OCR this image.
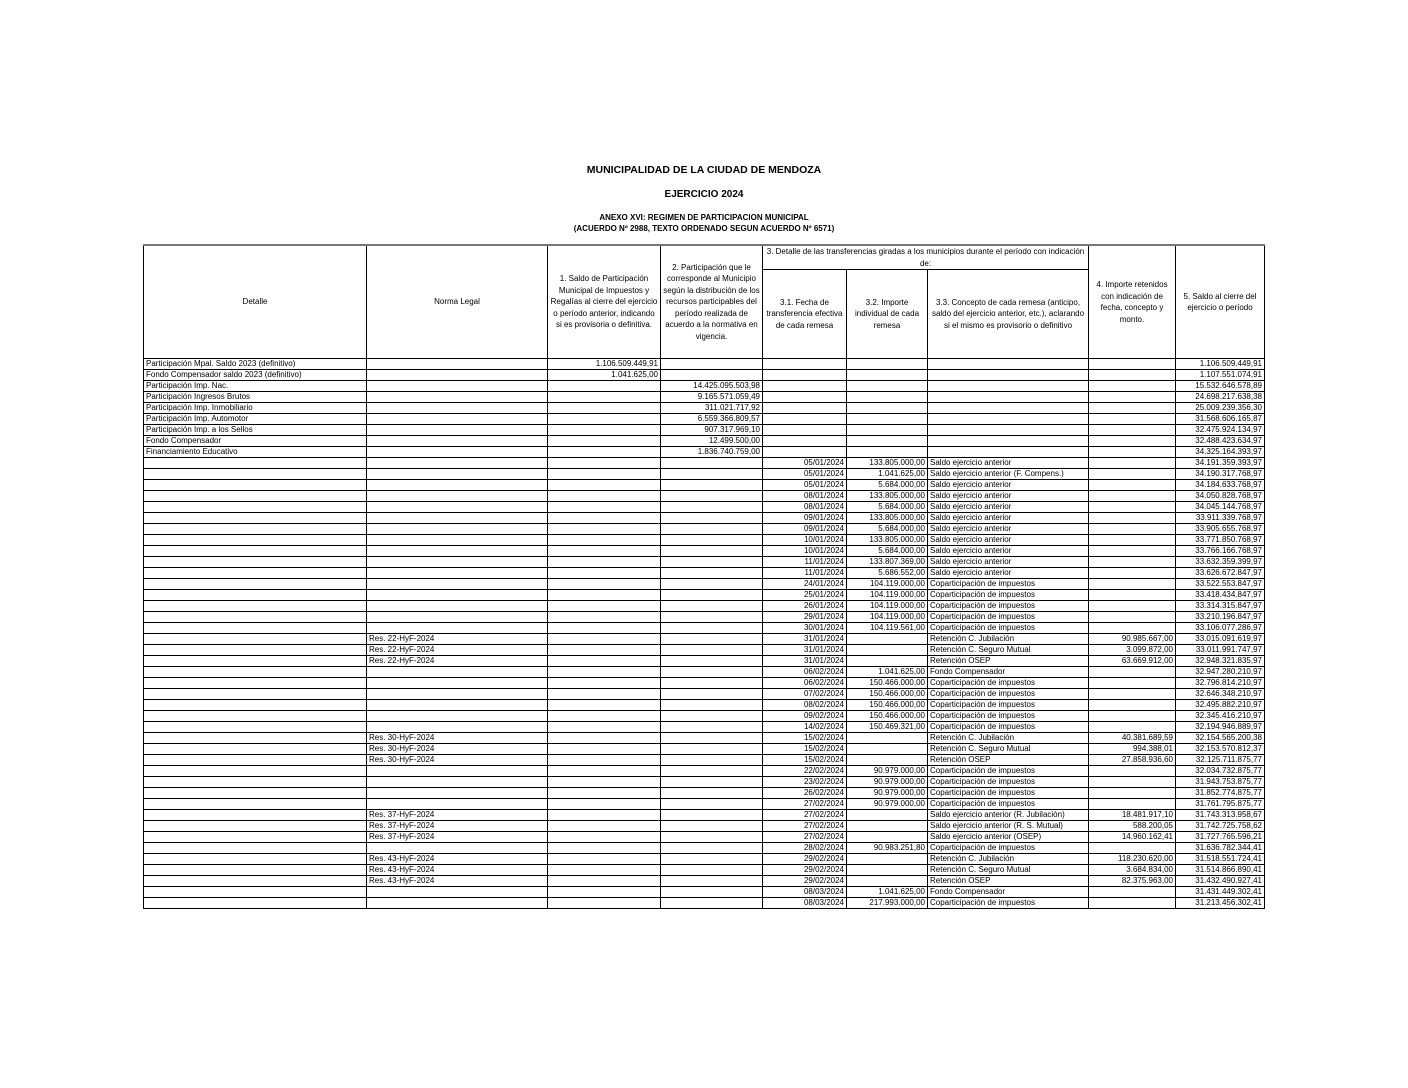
MUNICIPALIDAD DE LA CIUDAD DE MENDOZA
EJERCICIO 2024
ANEXO XVI: REGIMEN DE PARTICIPACION MUNICIPAL
(ACUERDO Nº 2988, TEXTO ORDENADO SEGUN ACUERDO Nº 6571)
Detalle	Norma Legal	1. Saldo de Participación Municipal de Impuestos y Regalías al cierre del ejercicio o período anterior, indicando si es provisoria o definitiva.	2. Participación que le corresponde al Municipio según la distribución de los recursos participables del período realizada de acuerdo a la normativa en vigencia.	3. Detalle de las transferencias giradas a los municipios durante el período con indicación de:			4. Importe retenidos con indicación de fecha, concepto y monto.	5. Saldo al cierre del ejercicio o período
				3.1. Fecha de transferencia efectiva de cada remesa	3.2. Importe individual de cada remesa	3.3. Concepto de cada remesa (anticipo, saldo del ejercicio anterior, etc.), aclarando si el mismo es provisorio o definitivo		
Participación Mpal. Saldo 2023 (definitivo)		1.106.509.449,91						1.106.509.449,91
Fondo Compensador saldo 2023 (definitivo)		1.041.625,00						1.107.551.074,91
Participación Imp. Nac.			14.425.095.503,98					15.532.646.578,89
Participación Ingresos Brutos			9.165.571.059,49					24.698.217.638,38
Participación Imp. Inmobiliario			311.021.717,92					25.009.239.356,30
Participación Imp. Automotor			6.559.366.809,57					31.568.606.165,87
Participación Imp. a los Sellos			907.317.969,10					32.475.924.134,97
Fondo Compensador			12.499.500,00					32.488.423.634,97
Financiamiento Educativo			1.836.740.759,00					34.325.164.393,97
				05/01/2024	133.805.000,00	Saldo ejercicio anterior		34.191.359.393,97
				05/01/2024	1.041.625,00	Saldo ejercicio anterior (F. Compens.)		34.190.317.768,97
				05/01/2024	5.684.000,00	Saldo ejercicio anterior		34.184.633.768,97
				08/01/2024	133.805.000,00	Saldo ejercicio anterior		34.050.828.768,97
				08/01/2024	5.684.000,00	Saldo ejercicio anterior		34.045.144.768,97
				09/01/2024	133.805.000,00	Saldo ejercicio anterior		33.911.339.768,97
				09/01/2024	5.684.000,00	Saldo ejercicio anterior		33.905.655.768,97
				10/01/2024	133.805.000,00	Saldo ejercicio anterior		33.771.850.768,97
				10/01/2024	5.684.000,00	Saldo ejercicio anterior		33.766.166.768,97
				11/01/2024	133.807.369,00	Saldo ejercicio anterior		33.632.359.399,97
				11/01/2024	5.686.552,00	Saldo ejercicio anterior		33.626.672.847,97
				24/01/2024	104.119.000,00	Coparticipación de impuestos		33.522.553.847,97
				25/01/2024	104.119.000,00	Coparticipación de impuestos		33.418.434.847,97
				26/01/2024	104.119.000,00	Coparticipación de impuestos		33.314.315.847,97
				29/01/2024	104.119.000,00	Coparticipación de impuestos		33.210.196.847,97
				30/01/2024	104.119.561,00	Coparticipación de impuestos		33.106.077.286,97
	Res. 22-HyF-2024			31/01/2024		Retención C. Jubilación	90.985.667,00	33.015.091.619,97
	Res. 22-HyF-2024			31/01/2024		Retención C. Seguro Mutual	3.099.872,00	33.011.991.747,97
	Res. 22-HyF-2024			31/01/2024		Retención OSEP	63.669.912,00	32.948.321.835,97
				06/02/2024	1.041.625,00	Fondo Compensador		32.947.280.210,97
				06/02/2024	150.466.000,00	Coparticipación de impuestos		32.796.814.210,97
				07/02/2024	150.466.000,00	Coparticipación de impuestos		32.646.348.210,97
				08/02/2024	150.466.000,00	Coparticipación de impuestos		32.495.882.210,97
				09/02/2024	150.466.000,00	Coparticipación de impuestos		32.345.416.210,97
				14/02/2024	150.469.321,00	Coparticipación de impuestos		32.194.946.889,97
	Res. 30-HyF-2024			15/02/2024		Retención C. Jubilación	40.381.689,59	32.154.565.200,38
	Res. 30-HyF-2024			15/02/2024		Retención C. Seguro Mutual	994.388,01	32.153.570.812,37
	Res. 30-HyF-2024			15/02/2024		Retención OSEP	27.858.936,60	32.125.711.875,77
				22/02/2024	90.979.000,00	Coparticipación de impuestos		32.034.732.875,77
				23/02/2024	90.979.000,00	Coparticipación de impuestos		31.943.753.875,77
				26/02/2024	90.979.000,00	Coparticipación de impuestos		31.852.774.875,77
				27/02/2024	90.979.000,00	Coparticipación de impuestos		31.761.795.875,77
	Res. 37-HyF-2024			27/02/2024		Saldo ejercicio anterior (R. Jubilación)	18.481.917,10	31.743.313.958,67
	Res. 37-HyF-2024			27/02/2024		Saldo ejercicio anterior (R. S. Mutual)	588.200,05	31.742.725.758,62
	Res. 37-HyF-2024			27/02/2024		Saldo ejercicio anterior (OSEP)	14.960.162,41	31.727.765.596,21
				28/02/2024	90.983.251,80	Coparticipación de impuestos		31.636.782.344,41
	Res. 43-HyF-2024			29/02/2024		Retención C. Jubilación	118.230.620,00	31.518.551.724,41
	Res. 43-HyF-2024			29/02/2024		Retención C. Seguro Mutual	3.684.834,00	31.514.866.890,41
	Res. 43-HyF-2024			29/02/2024		Retención OSEP	82.375.963,00	31.432.490.927,41
				08/03/2024	1.041.625,00	Fondo Compensador		31.431.449.302,41
				08/03/2024	217.993.000,00	Coparticipación de impuestos		31.213.456.302,41
